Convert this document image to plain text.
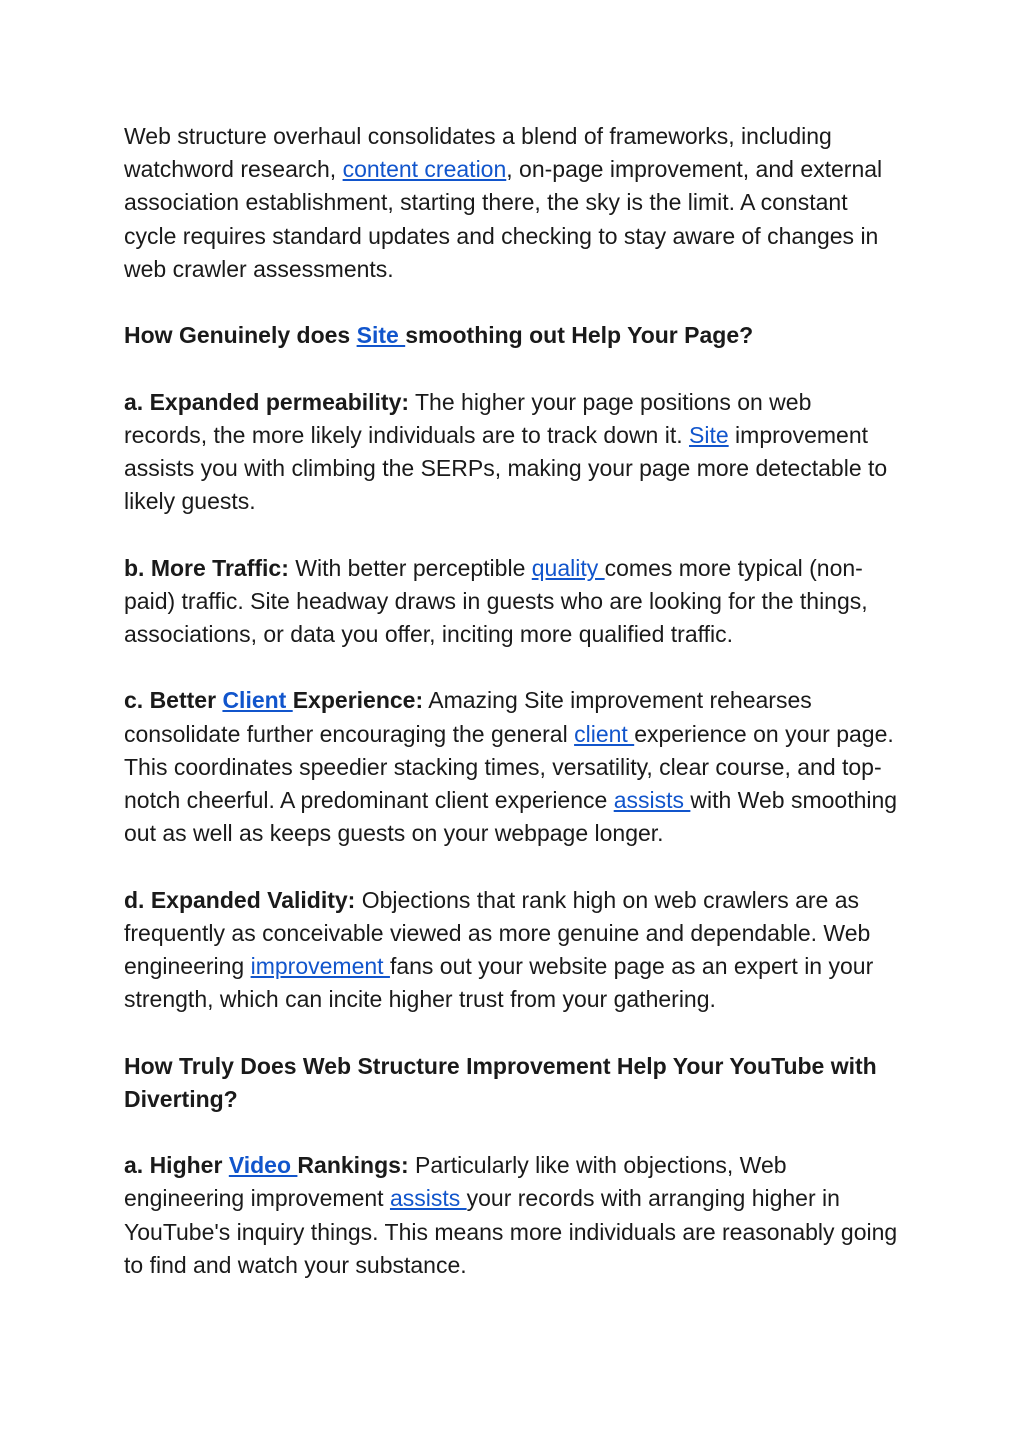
Web structure overhaul consolidates a blend of frameworks, including watchword research, content creation, on-page improvement, and external association establishment, starting there, the sky is the limit. A constant cycle requires standard updates and checking to stay aware of changes in web crawler assessments.

How Genuinely does Site smoothing out Help Your Page?

a. Expanded permeability: The higher your page positions on web records, the more likely individuals are to track down it. Site improvement assists you with climbing the SERPs, making your page more detectable to likely guests.

b. More Traffic: With better perceptible quality comes more typical (non-paid) traffic. Site headway draws in guests who are looking for the things, associations, or data you offer, inciting more qualified traffic.

c. Better Client Experience: Amazing Site improvement rehearses consolidate further encouraging the general client experience on your page. This coordinates speedier stacking times, versatility, clear course, and top-notch cheerful. A predominant client experience assists with Web smoothing out as well as keeps guests on your webpage longer.

d. Expanded Validity: Objections that rank high on web crawlers are as frequently as conceivable viewed as more genuine and dependable. Web engineering improvement fans out your website page as an expert in your strength, which can incite higher trust from your gathering.

How Truly Does Web Structure Improvement Help Your YouTube with Diverting?

a. Higher Video Rankings: Particularly like with objections, Web engineering improvement assists your records with arranging higher in YouTube's inquiry things. This means more individuals are reasonably going to find and watch your substance.
